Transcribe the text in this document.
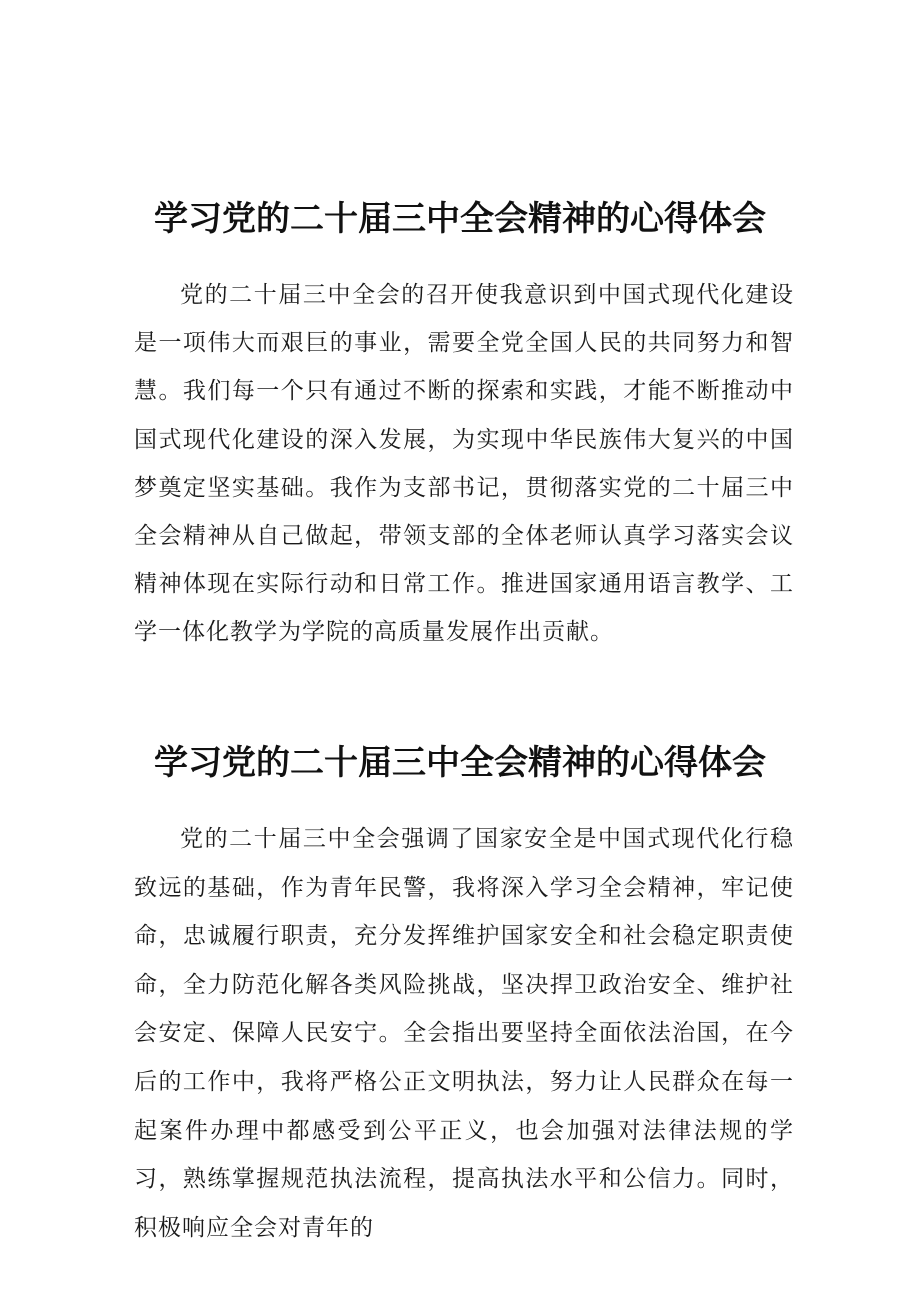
学习党的二十届三中全会精神的心得体会

党的二十届三中全会的召开使我意识到中国式现代化建设是一项伟大而艰巨的事业，需要全党全国人民的共同努力和智慧。我们每一个只有通过不断的探索和实践，才能不断推动中国式现代化建设的深入发展，为实现中华民族伟大复兴的中国梦奠定坚实基础。我作为支部书记，贯彻落实党的二十届三中全会精神从自己做起，带领支部的全体老师认真学习落实会议精神体现在实际行动和日常工作。推进国家通用语言教学、工学一体化教学为学院的高质量发展作出贡献。

学习党的二十届三中全会精神的心得体会

党的二十届三中全会强调了国家安全是中国式现代化行稳致远的基础，作为青年民警，我将深入学习全会精神，牢记使命，忠诚履行职责，充分发挥维护国家安全和社会稳定职责使命，全力防范化解各类风险挑战，坚决捍卫政治安全、维护社会安定、保障人民安宁。全会指出要坚持全面依法治国，在今后的工作中，我将严格公正文明执法，努力让人民群众在每一起案件办理中都感受到公平正义，也会加强对法律法规的学习，熟练掌握规范执法流程，提高执法水平和公信力。同时，积极响应全会对青年的
